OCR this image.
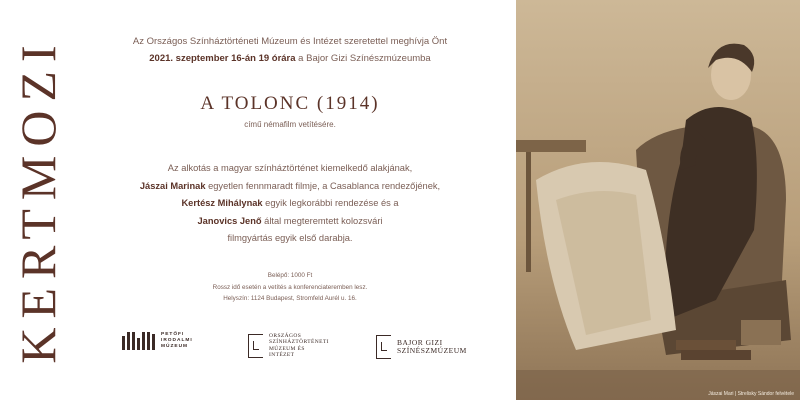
KERTMOZI	Az Országos Színháztörténeti Múzeum és Intézet szeretettel meghívja Önt
2021. szeptember 16-án 19 órára a Bajor Gizi Színészmúzeumba
A TOLONC (1914)
című némafilm vetítésére.
Az alkotás a magyar színháztörténet kiemelkedő alakjának,
Jászai Marinak egyetlen fennmaradt filmje, a Casablanca rendezőjének,
Kertész Mihálynak egyik legkorábbi rendezése és a
Janovics Jenő által megteremtett kolozsvári
filmgyártás egyik első darabja.
Belépő: 1000 Ft
Rossz idő esetén a vetítés a konferenciateremben lesz.
Helyszín: 1124 Budapest, Stromfeld Aurél u. 16.
PETŐFI
IRODALMI
MÚZEUM
ORSZÁGOS
SZÍNHÁZTÖRTÉNETI
MÚZEUM ÉS
INTÉZET
BAJOR GIZI
SZÍNÉSZMÚZEUM
Jászai Mari | Strelisky Sándor felvétele
